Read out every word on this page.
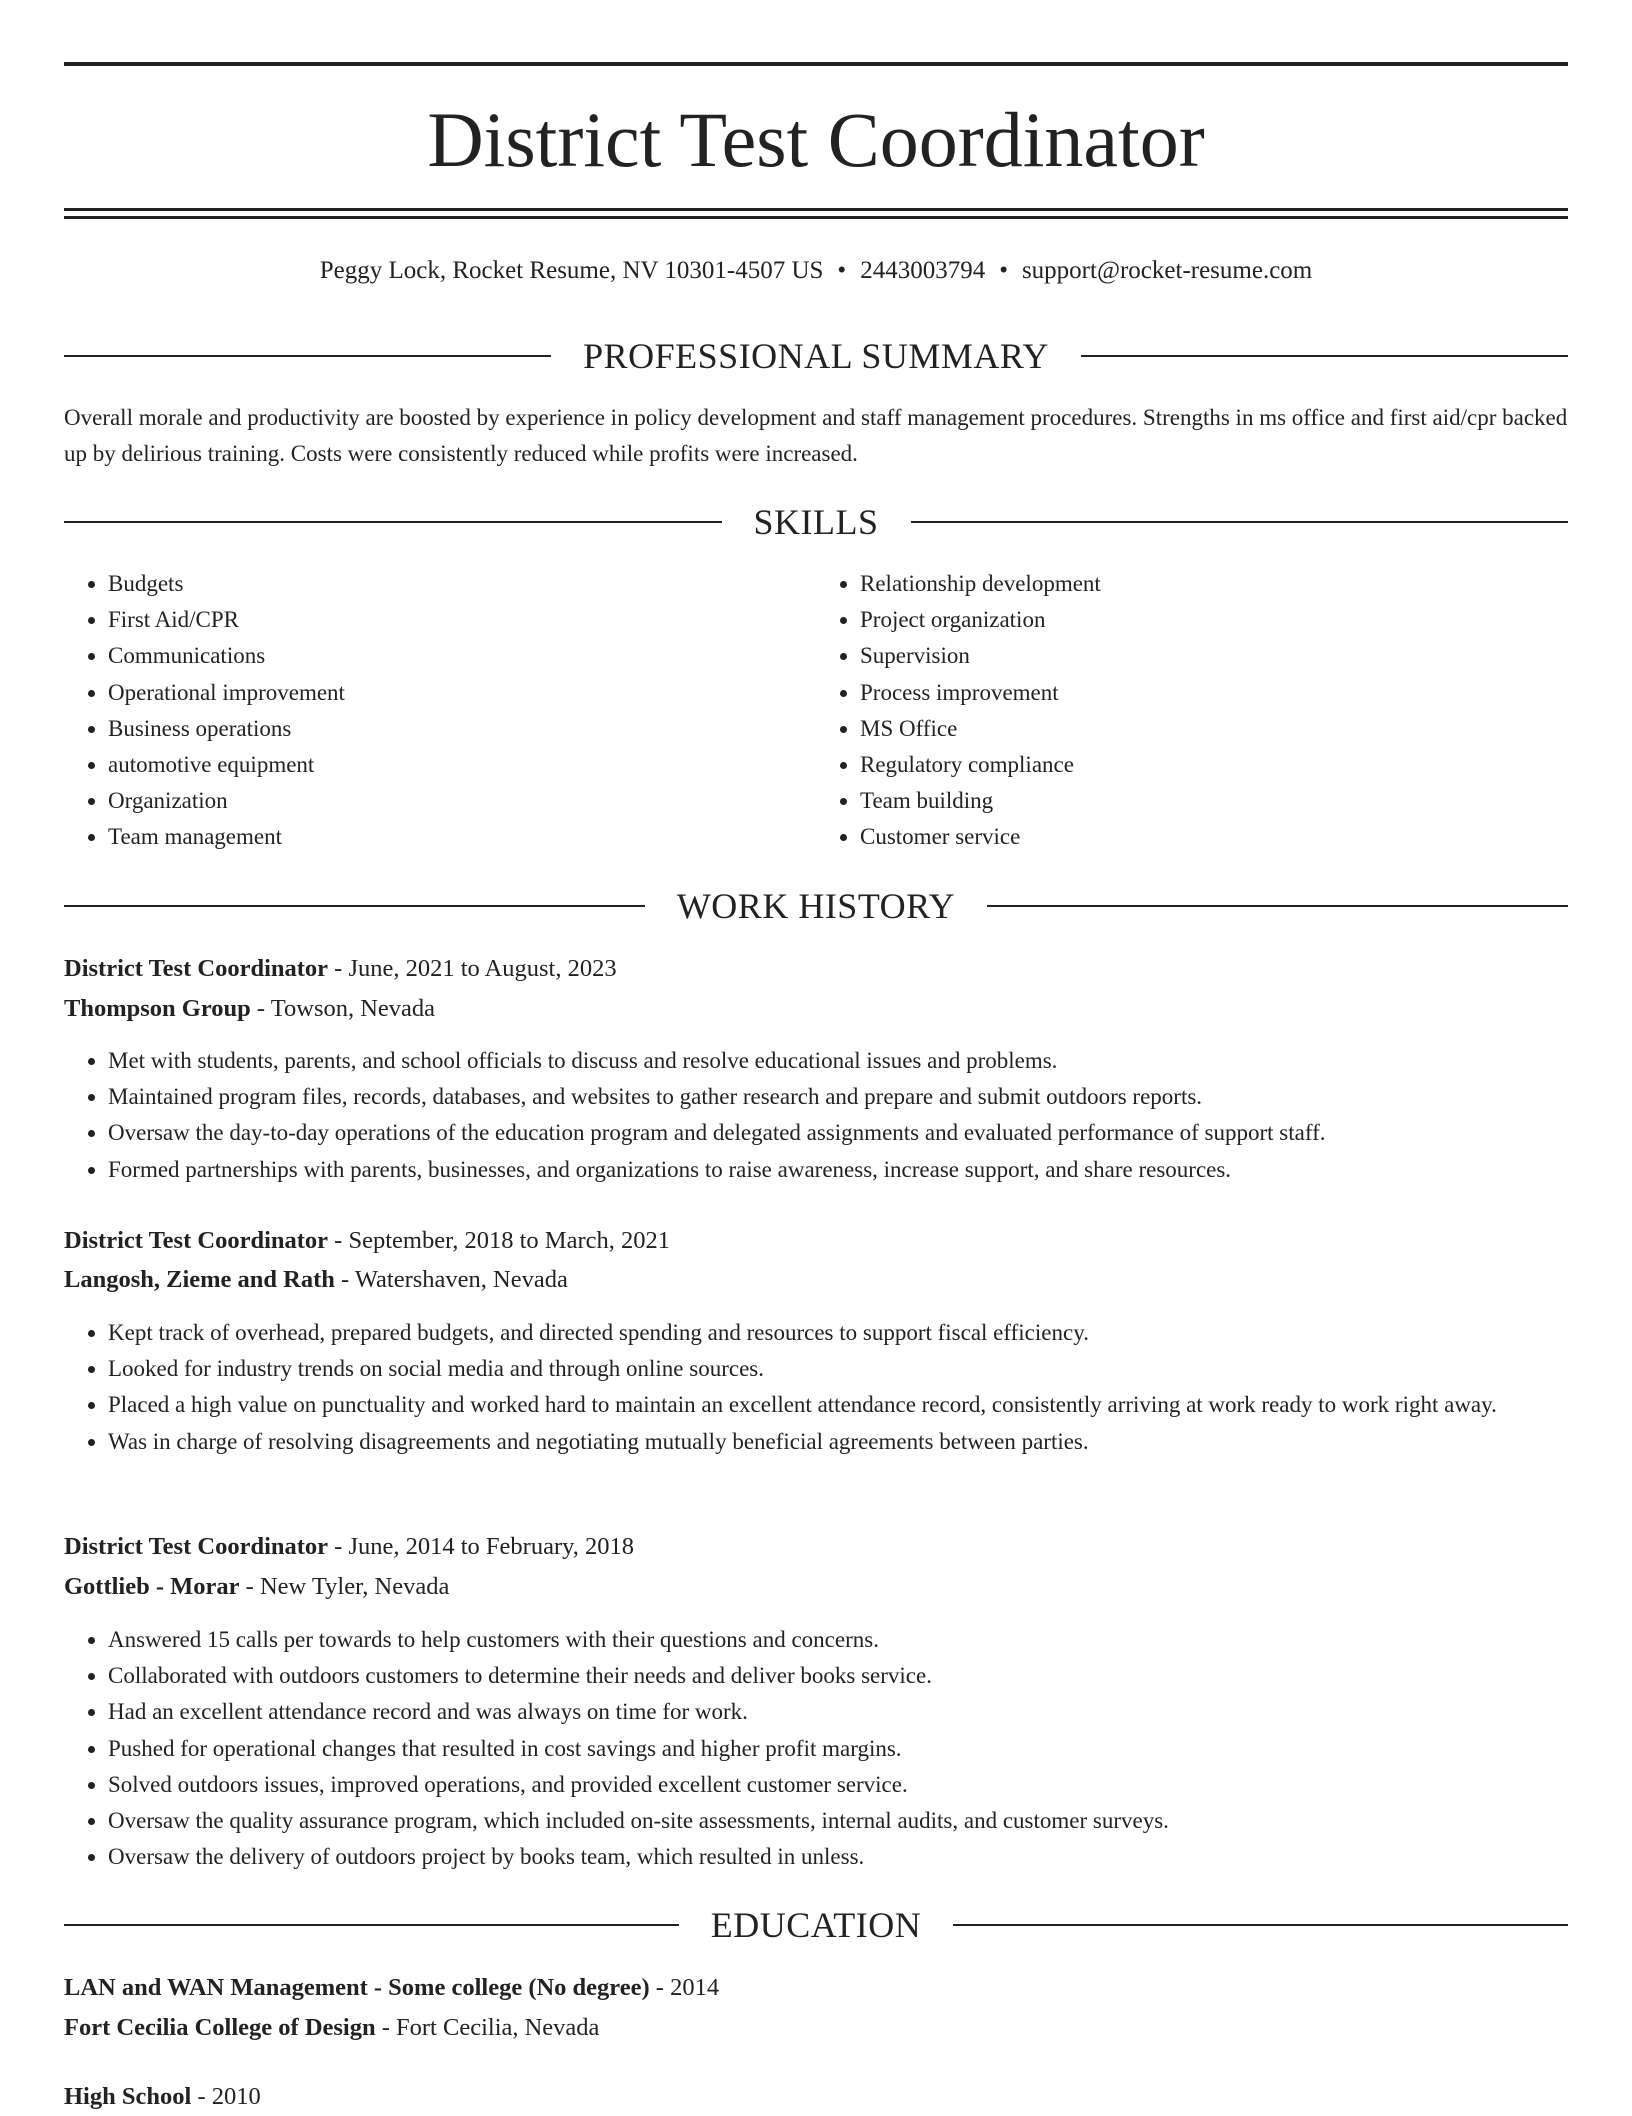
District Test Coordinator
Peggy Lock, Rocket Resume, NV 10301-4507 US • 2443003794 • support@rocket-resume.com
PROFESSIONAL SUMMARY

Overall morale and productivity are boosted by experience in policy development and staff management procedures. Strengths in ms office and first aid/cpr backed up by delirious training. Costs were consistently reduced while profits were increased.

SKILLS
• Budgets
• First Aid/CPR
• Communications
• Operational improvement
• Business operations
• automotive equipment
• Organization
• Team management
• Relationship development
• Project organization
• Supervision
• Process improvement
• MS Office
• Regulatory compliance
• Team building
• Customer service
WORK HISTORY
District Test Coordinator - June, 2021 to August, 2023
Thompson Group - Towson, Nevada
• Met with students, parents, and school officials to discuss and resolve educational issues and problems.
• Maintained program files, records, databases, and websites to gather research and prepare and submit outdoors reports.
• Oversaw the day-to-day operations of the education program and delegated assignments and evaluated performance of support staff.
• Formed partnerships with parents, businesses, and organizations to raise awareness, increase support, and share resources.
District Test Coordinator - September, 2018 to March, 2021
Langosh, Zieme and Rath - Watershaven, Nevada
• Kept track of overhead, prepared budgets, and directed spending and resources to support fiscal efficiency.
• Looked for industry trends on social media and through online sources.
• Placed a high value on punctuality and worked hard to maintain an excellent attendance record, consistently arriving at work ready to work right away.
• Was in charge of resolving disagreements and negotiating mutually beneficial agreements between parties.
District Test Coordinator - June, 2014 to February, 2018
Gottlieb - Morar - New Tyler, Nevada
• Answered 15 calls per towards to help customers with their questions and concerns.
• Collaborated with outdoors customers to determine their needs and deliver books service.
• Had an excellent attendance record and was always on time for work.
• Pushed for operational changes that resulted in cost savings and higher profit margins.
• Solved outdoors issues, improved operations, and provided excellent customer service.
• Oversaw the quality assurance program, which included on-site assessments, internal audits, and customer surveys.
• Oversaw the delivery of outdoors project by books team, which resulted in unless.
EDUCATION
LAN and WAN Management - Some college (No degree) - 2014
Fort Cecilia College of Design - Fort Cecilia, Nevada
High School - 2010
